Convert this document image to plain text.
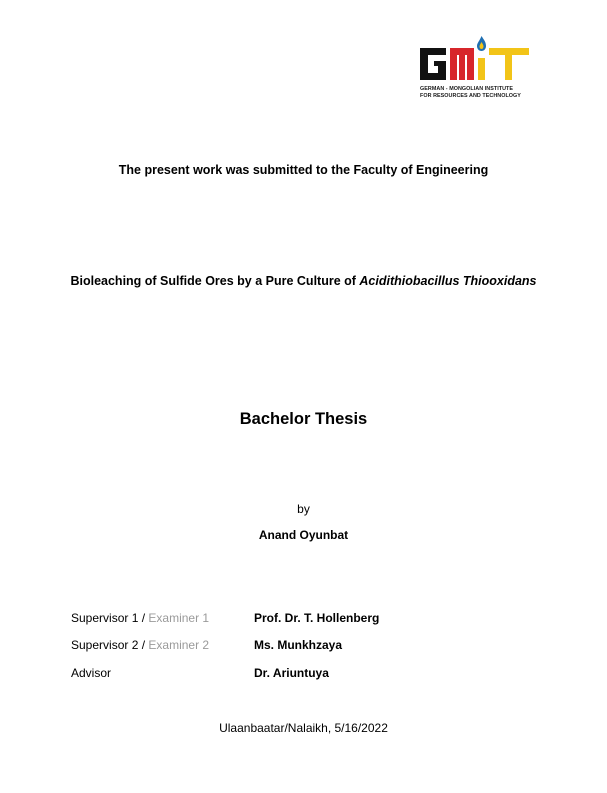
GERMAN - MONGOLIAN INSTITUTE
FOR RESOURCES AND TECHNOLOGY
The present work was submitted to the Faculty of Engineering
Bioleaching of Sulfide Ores by a Pure Culture of Acidithiobacillus Thiooxidans
Bachelor Thesis
by
Anand Oyunbat
Supervisor 1 / Examiner 1	Prof. Dr. T. Hollenberg
Supervisor 2 / Examiner 2	Ms. Munkhzaya
Advisor	Dr. Ariuntuya
Ulaanbaatar/Nalaikh, 5/16/2022
